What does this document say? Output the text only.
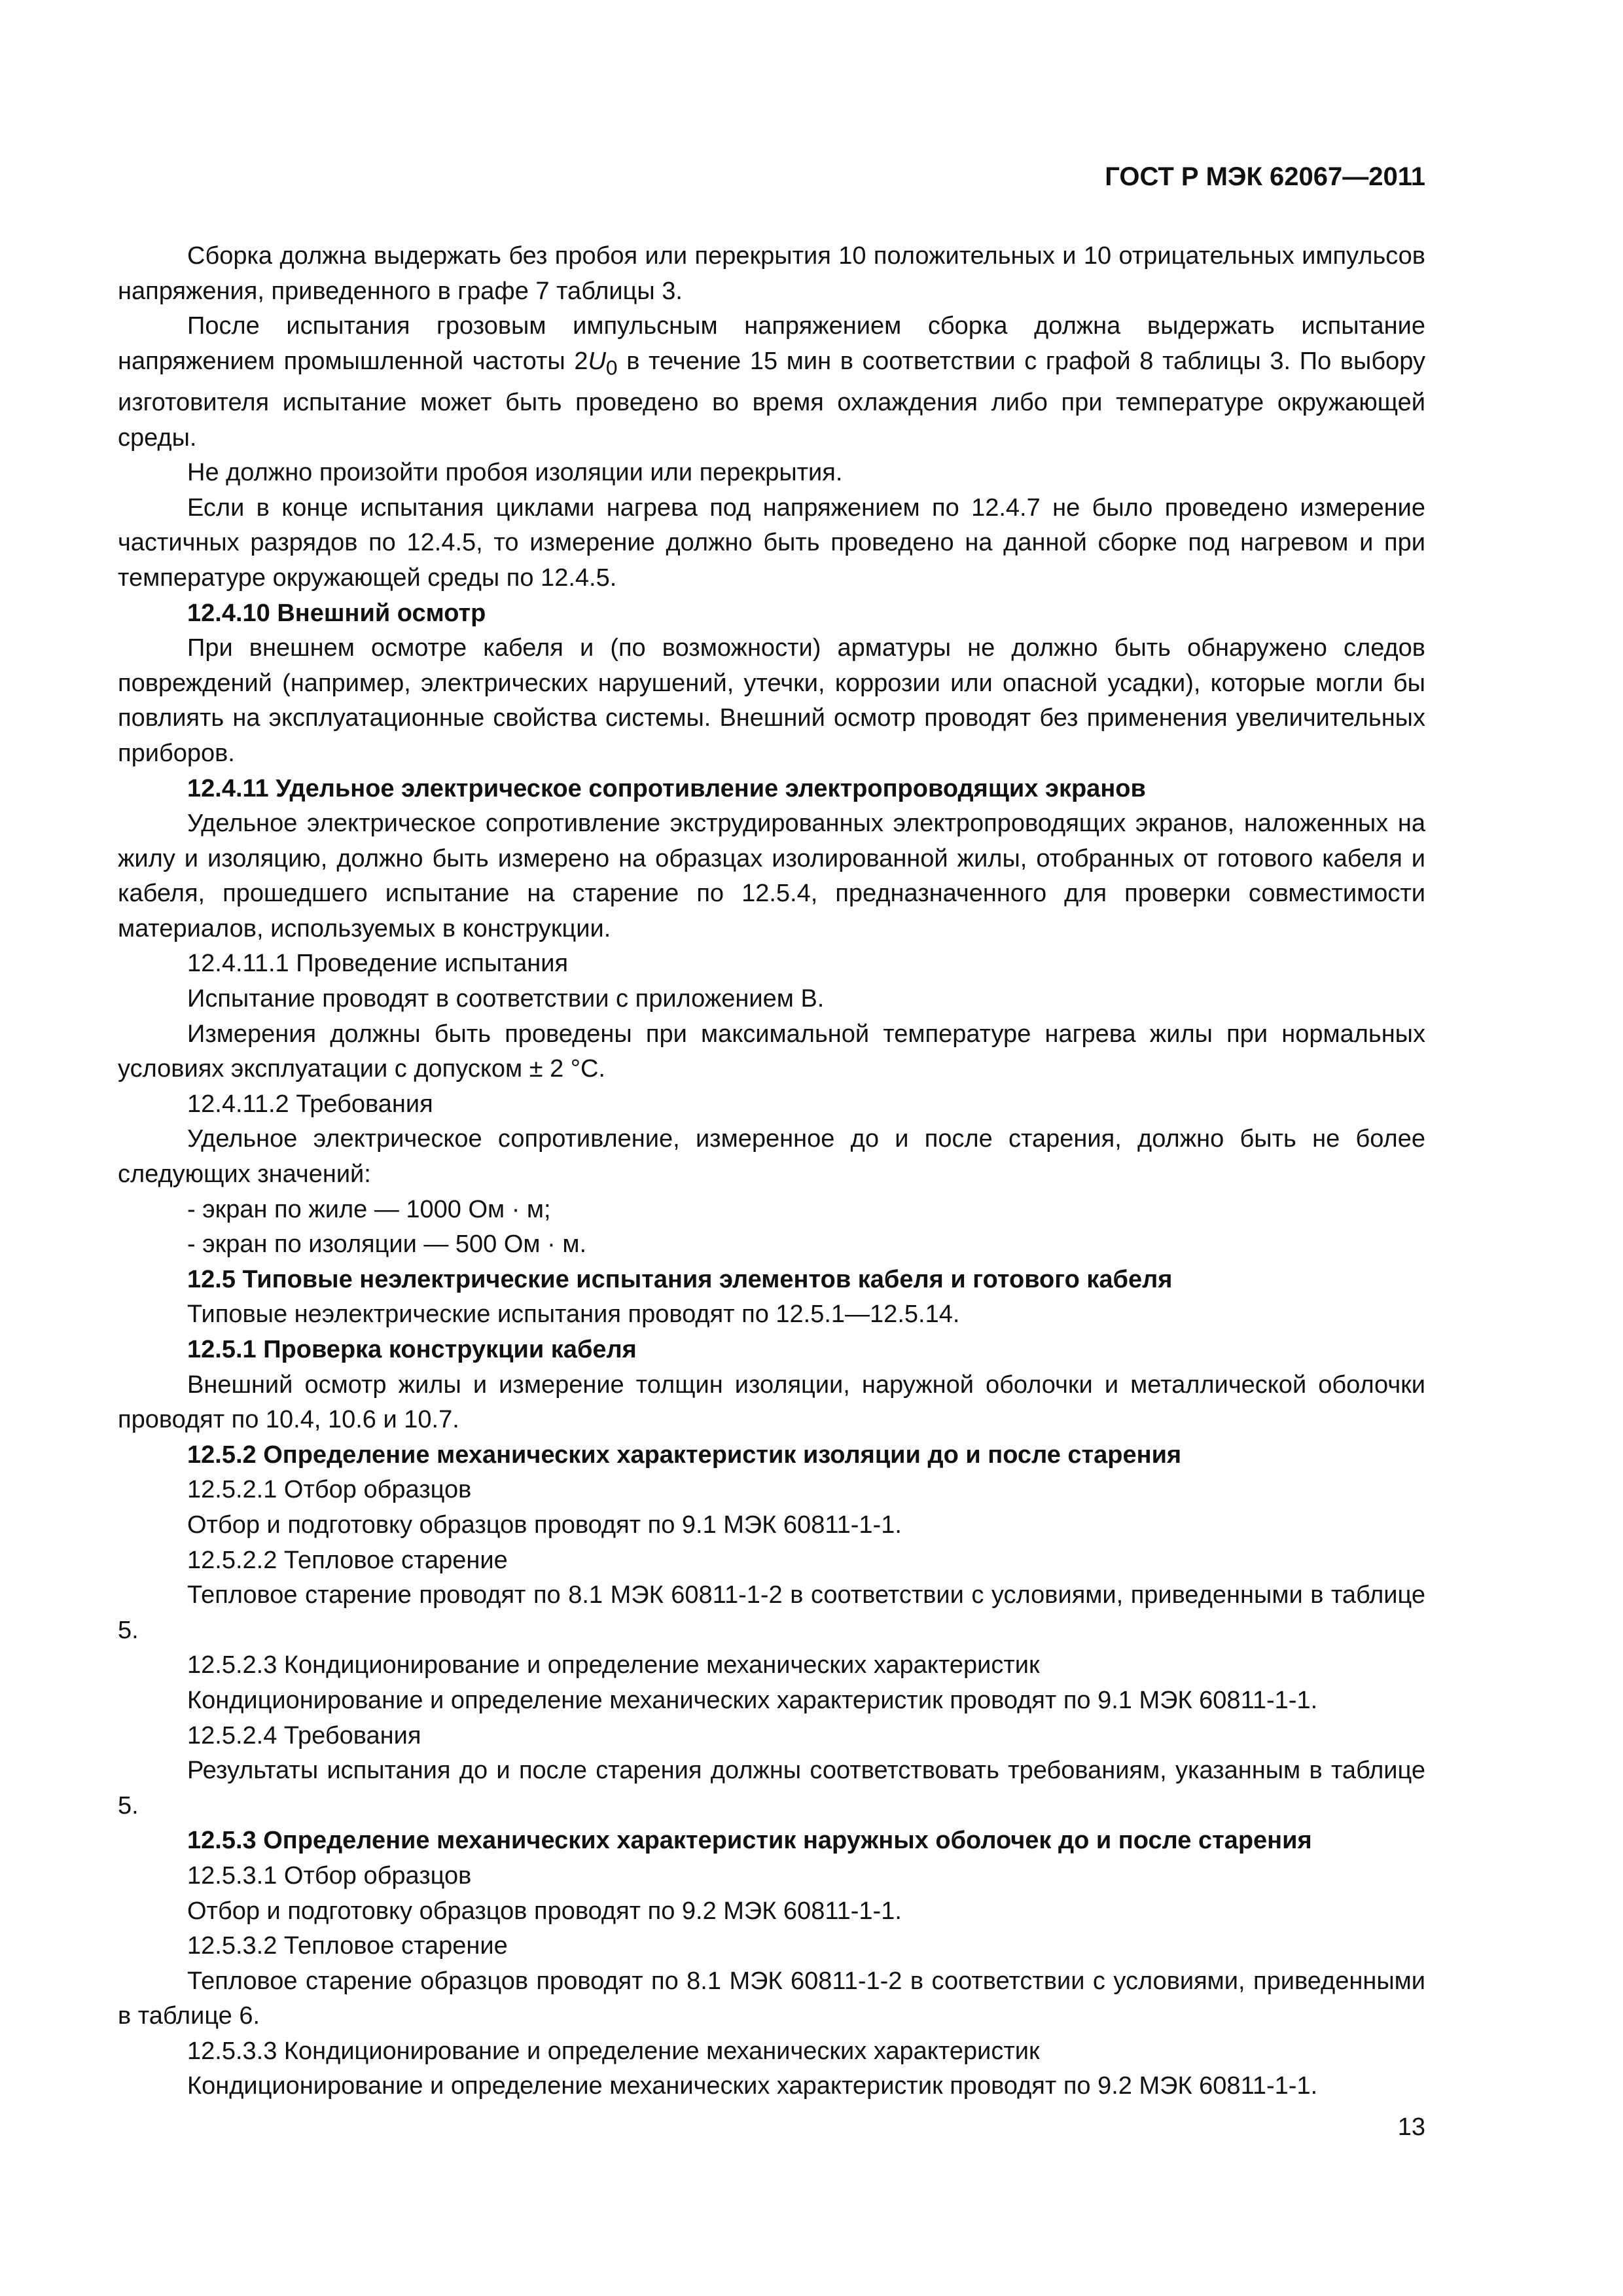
ГОСТ Р МЭК 62067—2011

Сборка должна выдержать без пробоя или перекрытия 10 положительных и 10 отрицательных импульсов напряжения, приведенного в графе 7 таблицы 3.

После испытания грозовым импульсным напряжением сборка должна выдержать испытание напряжением промышленной частоты $2U_0$ в течение 15 мин в соответствии с графой 8 таблицы 3. По выбору изготовителя испытание может быть проведено во время охлаждения либо при температуре окружающей среды.

Не должно произойти пробоя изоляции или перекрытия.

Если в конце испытания циклами нагрева под напряжением по 12.4.7 не было проведено измерение частичных разрядов по 12.4.5, то измерение должно быть проведено на данной сборке под нагревом и при температуре окружающей среды по 12.4.5.

12.4.10 Внешний осмотр

При внешнем осмотре кабеля и (по возможности) арматуры не должно быть обнаружено следов повреждений (например, электрических нарушений, утечки, коррозии или опасной усадки), которые могли бы повлиять на эксплуатационные свойства системы. Внешний осмотр проводят без применения увеличительных приборов.

12.4.11 Удельное электрическое сопротивление электропроводящих экранов

Удельное электрическое сопротивление экструдированных электропроводящих экранов, наложенных на жилу и изоляцию, должно быть измерено на образцах изолированной жилы, отобранных от готового кабеля и кабеля, прошедшего испытание на старение по 12.5.4, предназначенного для проверки совместимости материалов, используемых в конструкции.

12.4.11.1 Проведение испытания

Испытание проводят в соответствии с приложением В.

Измерения должны быть проведены при максимальной температуре нагрева жилы при нормальных условиях эксплуатации с допуском ± 2 °С.

12.4.11.2 Требования

Удельное электрическое сопротивление, измеренное до и после старения, должно быть не более следующих значений:

- экран по жиле — 1000 Ом · м;

- экран по изоляции — 500 Ом · м.

12.5 Типовые неэлектрические испытания элементов кабеля и готового кабеля

Типовые неэлектрические испытания проводят по 12.5.1—12.5.14.

12.5.1 Проверка конструкции кабеля

Внешний осмотр жилы и измерение толщин изоляции, наружной оболочки и металлической оболочки проводят по 10.4, 10.6 и 10.7.

12.5.2 Определение механических характеристик изоляции до и после старения

12.5.2.1 Отбор образцов

Отбор и подготовку образцов проводят по 9.1 МЭК 60811-1-1.

12.5.2.2 Тепловое старение

Тепловое старение проводят по 8.1 МЭК 60811-1-2 в соответствии с условиями, приведенными в таблице 5.

12.5.2.3 Кондиционирование и определение механических характеристик

Кондиционирование и определение механических характеристик проводят по 9.1 МЭК 60811-1-1.

12.5.2.4 Требования

Результаты испытания до и после старения должны соответствовать требованиям, указанным в таблице 5.

12.5.3 Определение механических характеристик наружных оболочек до и после старения

12.5.3.1 Отбор образцов

Отбор и подготовку образцов проводят по 9.2 МЭК 60811-1-1.

12.5.3.2 Тепловое старение

Тепловое старение образцов проводят по 8.1 МЭК 60811-1-2 в соответствии с условиями, приведенными в таблице 6.

12.5.3.3 Кондиционирование и определение механических характеристик

Кондиционирование и определение механических характеристик проводят по 9.2 МЭК 60811-1-1.

13
